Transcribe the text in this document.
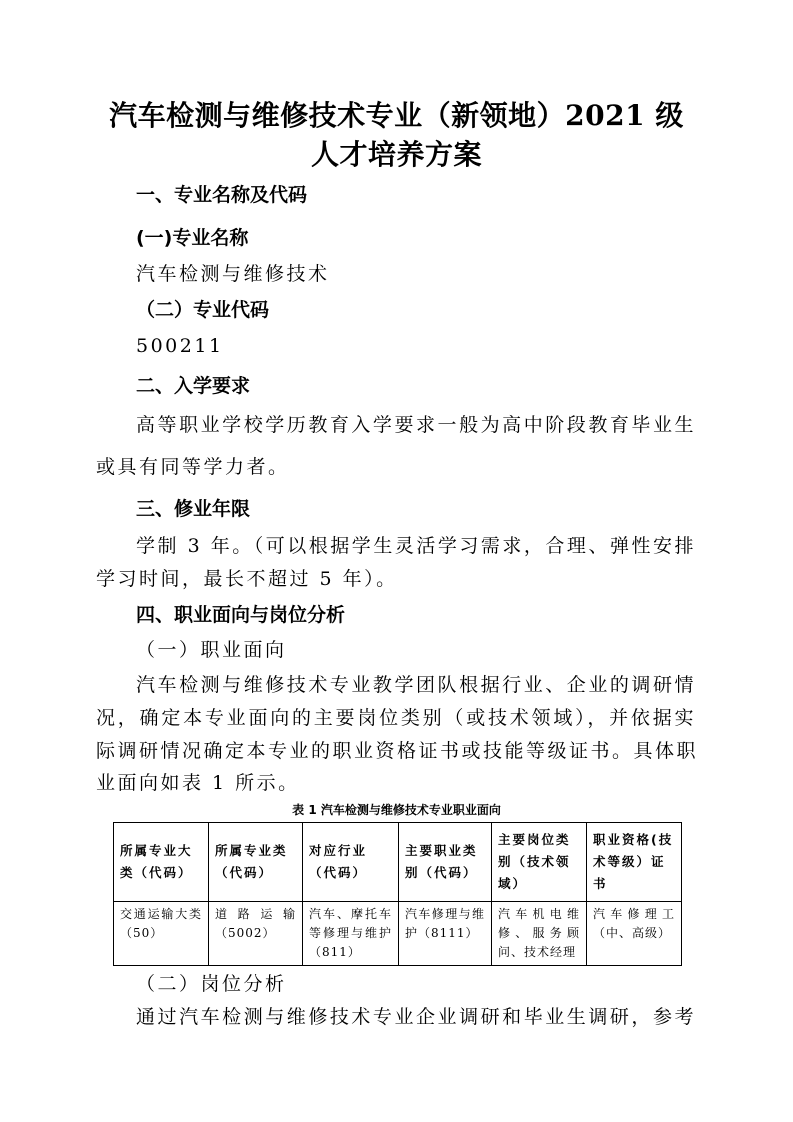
汽车检测与维修技术专业（新领地）2021 级
人才培养方案
一、专业名称及代码
(一)专业名称
汽车检测与维修技术
（二）专业代码
500211
二、入学要求
高等职业学校学历教育入学要求一般为高中阶段教育毕业生
或具有同等学力者。
三、修业年限
学制 3 年。（可以根据学生灵活学习需求，合理、弹性安排
学习时间，最长不超过 5 年）。
四、职业面向与岗位分析
（一）职业面向
汽车检测与维修技术专业教学团队根据行业、企业的调研情
况，确定本专业面向的主要岗位类别（或技术领域），并依据实
际调研情况确定本专业的职业资格证书或技能等级证书。具体职
业面向如表 1 所示。
表 1 汽车检测与维修技术专业职业面向
所属专业大类（代码）	所属专业类（代码）	对应行业（代码）	主要职业类别（代码）	主要岗位类别（技术领域）	职业资格(技术等级）证书
交通运输大类（50）	道 路 运 输（5002）	汽车、摩托车等修理与维护（811）	汽车修理与维护（8111）	汽车机电维修、服务顾问、技术经理	汽车修理工（中、高级）
（二）岗位分析
通过汽车检测与维修技术专业企业调研和毕业生调研，参考
